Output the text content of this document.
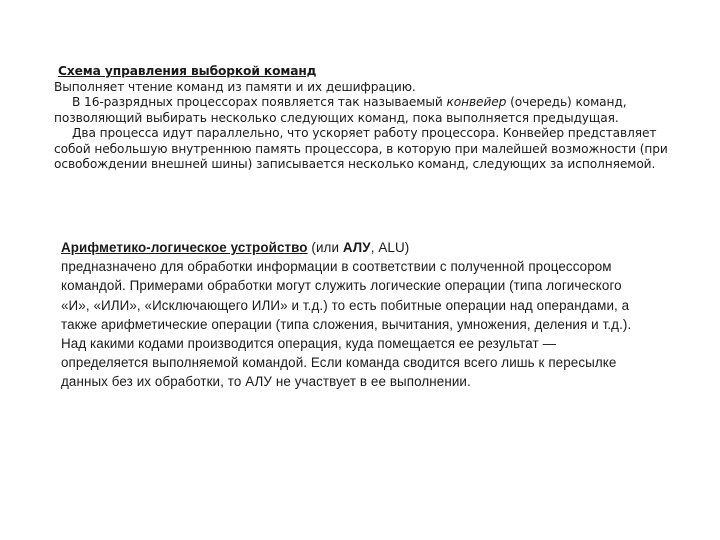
Схема управления выборкой команд

Выполняет чтение команд из памяти и их дешифрацию.

В 16-разрядных процессорах появляется так называемый конвейер (очередь) команд, позволяющий выбирать несколько следующих команд, пока выполняется предыдущая.

Два процесса идут параллельно, что ускоряет работу процессора. Конвейер представляет собой небольшую внутреннюю память процессора, в которую при малейшей возможности (при освобождении внешней шины) записывается несколько команд, следующих за исполняемой.

Арифметико-логическое устройство (или АЛУ, ALU)

предназначено для обработки информации в соответствии с полученной процессором

командой. Примерами обработки могут служить логические операции (типа логического

«И», «ИЛИ», «Исключающего ИЛИ» и т.д.) то есть побитные операции над операндами, а

также арифметические операции (типа сложения, вычитания, умножения, деления и т.д.).

Над какими кодами производится операция, куда помещается ее результат —

определяется выполняемой командой. Если команда сводится всего лишь к пересылке

данных без их обработки, то АЛУ не участвует в ее выполнении.
